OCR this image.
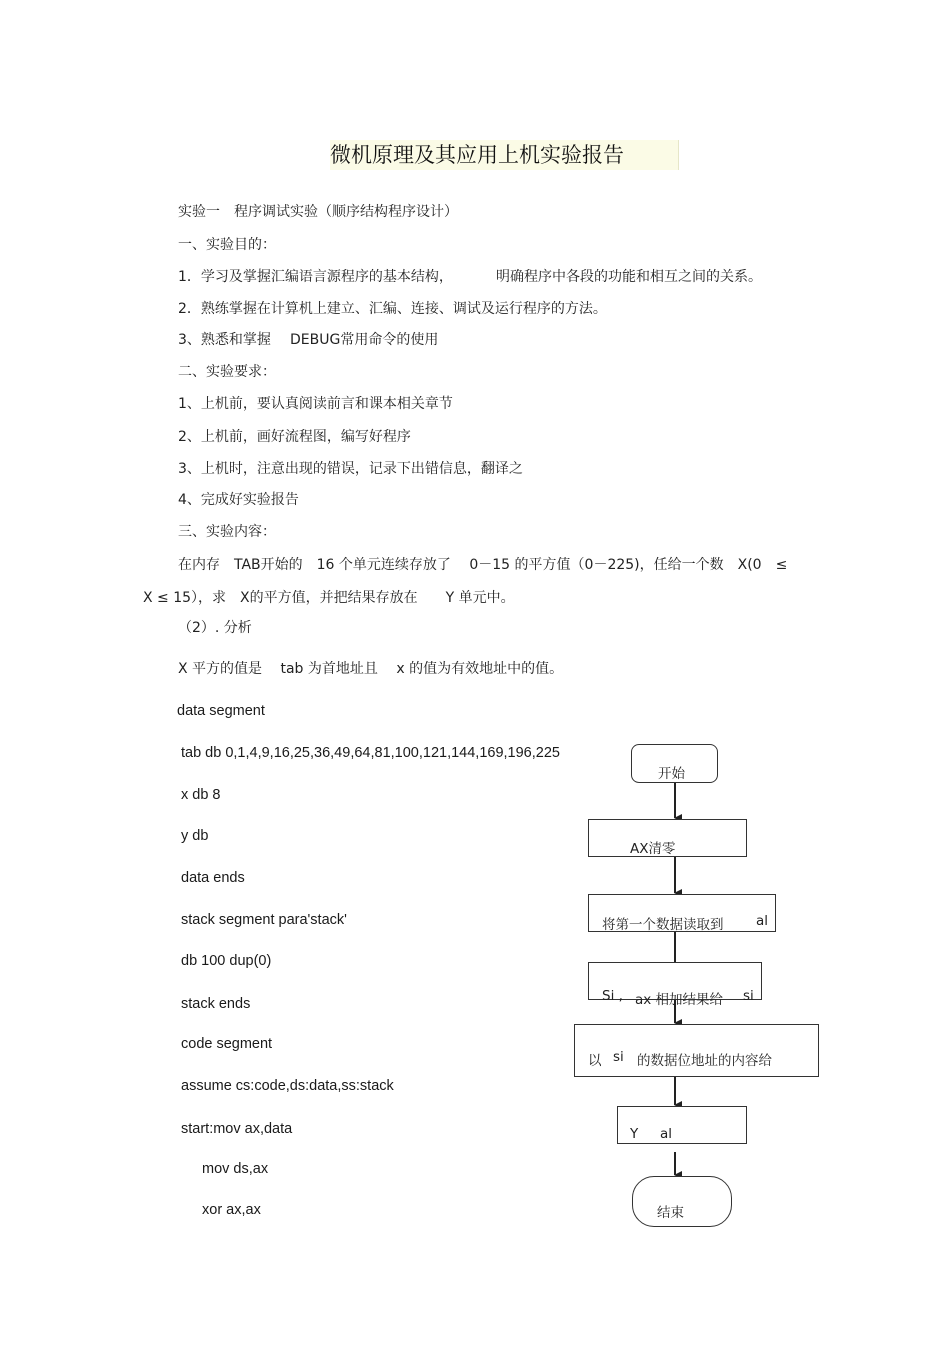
微机原理及其应用上机实验报告
实验一　程序调试实验（顺序结构程序设计）
一、实验目的：
1．学习及掌握汇编语言源程序的基本结构，	明确程序中各段的功能和相互之间的关系。
2．熟练掌握在计算机上建立、汇编、连接、调试及运行程序的方法。
3、熟悉和掌握 DEBUG常用命令的使用
二、实验要求：
1、上机前，要认真阅读前言和课本相关章节
2、上机前，画好流程图，编写好程序
3、上机时，注意出现的错误，记录下出错信息，翻译之
4、完成好实验报告
三、实验内容：
在内存　TAB开始的　16 个单元连续存放了　 0－15 的平方值（0－225)，任给一个数　X(0　≤
X ≤ 15），求　X的平方值，并把结果存放在　　Y 单元中。
（2）. 分析
X 平方的值是　 tab 为首地址且　 x 的值为有效地址中的值。
data segment
tab db 0,1,4,9,16,25,36,49,64,81,100,121,144,169,196,225
x db 8
y db
data ends
stack segment para'stack'
db 100 dup(0)
stack ends
code segment
assume cs:code,ds:data,ss:stack
start:mov ax,data
mov ds,ax
xor ax,ax
开始
AX清零
将第一个数据读取到 al
Si , ax 相加结果给 si
以 si 的数据位地址的内容给
Y al
结束
